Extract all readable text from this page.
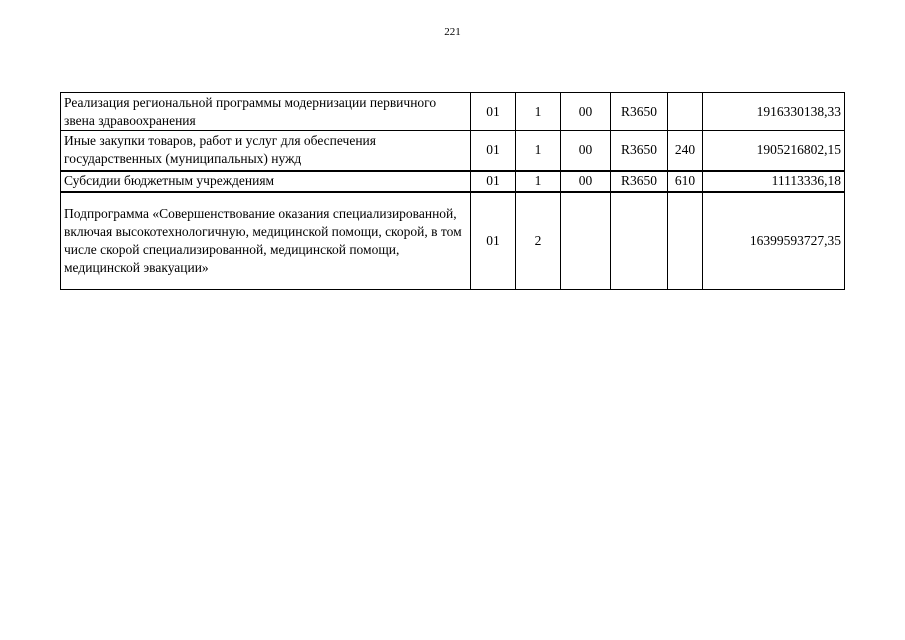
221
Реализация региональной программы модернизации первичного звена здравоохранения	01	1	00	R3650		1916330138,33
Иные закупки товаров, работ и услуг для обеспечения государственных (муниципальных) нужд	01	1	00	R3650	240	1905216802,15
Субсидии бюджетным учреждениям	01	1	00	R3650	610	11113336,18
Подпрограмма «Совершенствование оказания специализированной, включая высокотехнологичную, медицинской помощи, скорой, в том числе скорой специализированной, медицинской помощи, медицинской эвакуации»	01	2				16399593727,35
